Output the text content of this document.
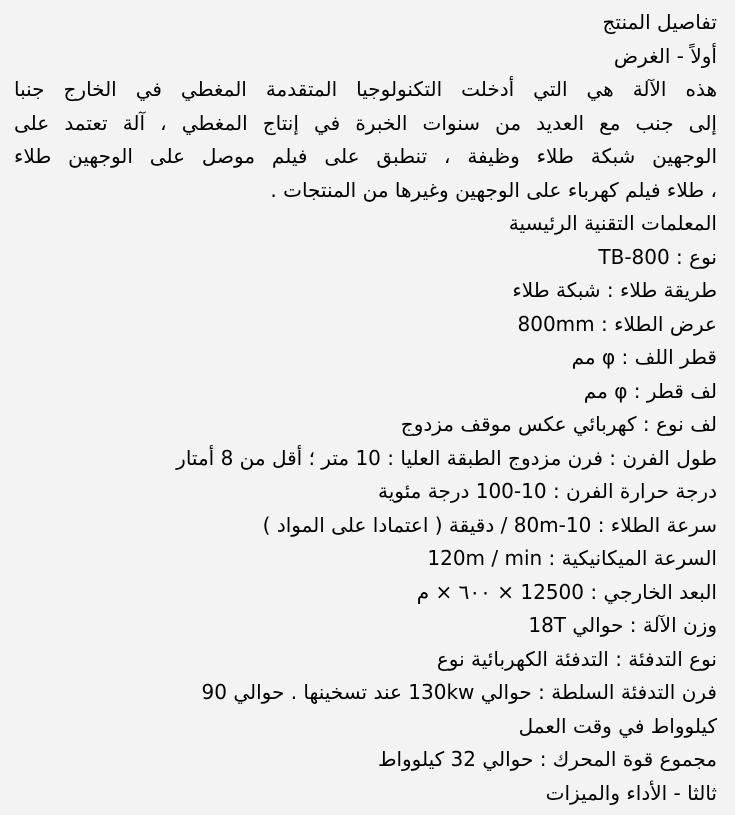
تفاصيل المنتج
أولاً - الغرض
هذه الآلة هي التي أدخلت التكنولوجيا المتقدمة المغطي في الخارج جنبا
إلى جنب مع العديد من سنوات الخبرة في إنتاج المغطي ، آلة تعتمد على
الوجهين شبكة طلاء وظيفة ، تنطبق على فيلم موصل على الوجهين طلاء
، طلاء فيلم كهرباء على الوجهين وغيرها من المنتجات .
المعلمات التقنية الرئيسية
نوع : TB-800
طريقة طلاء : شبكة طلاء
عرض الطلاء : 800mm
قطر اللف : φ مم
لف قطر : φ مم
لف نوع : كهربائي عكس موقف مزدوج
طول الفرن : فرن مزدوج الطبقة العليا : 10 متر ؛ أقل من 8 أمتار
درجة حرارة الفرن : 10-100 درجة مئوية
سرعة الطلاء : 10-80m / دقيقة ( اعتمادا على المواد )
السرعة الميكانيكية : 120m / min
البعد الخارجي : 12500 × ٦٠٠ × م
وزن الآلة : حوالي 18T
نوع التدفئة : التدفئة الكهربائية نوع
فرن التدفئة السلطة : حوالي 130kw عند تسخينها . حوالي 90
كيلوواط في وقت العمل
مجموع قوة المحرك : حوالي 32 كيلوواط
ثالثا - الأداء والميزات
